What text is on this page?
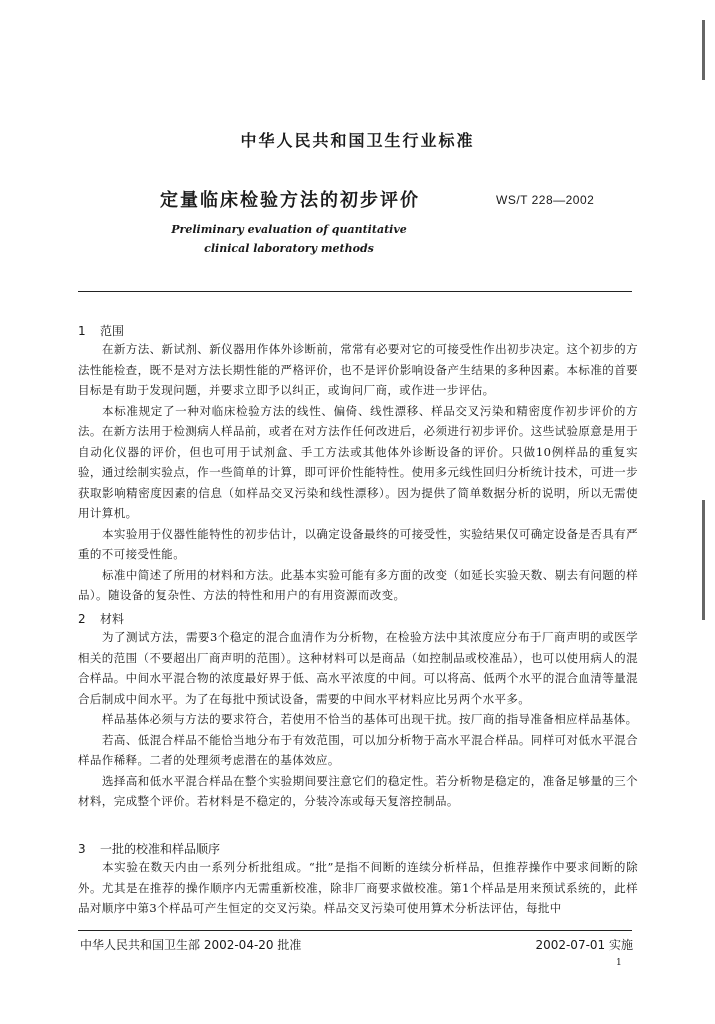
中华人民共和国卫生行业标准
定量临床检验方法的初步评价	WS/T 228—2002
Preliminary evaluation of quantitative
clinical laboratory methods

1 范围

在新方法、新试剂、新仪器用作体外诊断前，常常有必要对它的可接受性作出初步决定。这个初步的方法性能检查，既不是对方法长期性能的严格评价，也不是评价影响设备产生结果的多种因素。本标准的首要目标是有助于发现问题，并要求立即予以纠正，或询问厂商，或作进一步评估。

本标准规定了一种对临床检验方法的线性、偏倚、线性漂移、样品交叉污染和精密度作初步评价的方法。在新方法用于检测病人样品前，或者在对方法作任何改进后，必须进行初步评价。这些试验原意是用于自动化仪器的评价，但也可用于试剂盒、手工方法或其他体外诊断设备的评价。只做10例样品的重复实验，通过绘制实验点，作一些简单的计算，即可评价性能特性。使用多元线性回归分析统计技术，可进一步获取影响精密度因素的信息（如样品交叉污染和线性漂移）。因为提供了简单数据分析的说明，所以无需使用计算机。

本实验用于仪器性能特性的初步估计，以确定设备最终的可接受性，实验结果仅可确定设备是否具有严重的不可接受性能。

标准中简述了所用的材料和方法。此基本实验可能有多方面的改变（如延长实验天数、剔去有问题的样品）。随设备的复杂性、方法的特性和用户的有用资源而改变。

2 材料

为了测试方法，需要3个稳定的混合血清作为分析物，在检验方法中其浓度应分布于厂商声明的或医学相关的范围（不要超出厂商声明的范围）。这种材料可以是商品（如控制品或校准品），也可以使用病人的混合样品。中间水平混合物的浓度最好界于低、高水平浓度的中间。可以将高、低两个水平的混合血清等量混合后制成中间水平。为了在每批中预试设备，需要的中间水平材料应比另两个水平多。

样品基体必须与方法的要求符合，若使用不恰当的基体可出现干扰。按厂商的指导准备相应样品基体。

若高、低混合样品不能恰当地分布于有效范围，可以加分析物于高水平混合样品。同样可对低水平混合样品作稀释。二者的处理须考虑潜在的基体效应。

选择高和低水平混合样品在整个实验期间要注意它们的稳定性。若分析物是稳定的，准备足够量的三个材料，完成整个评价。若材料是不稳定的，分装冷冻或每天复溶控制品。

3 一批的校准和样品顺序

本实验在数天内由一系列分析批组成。“批”是指不间断的连续分析样品，但推荐操作中要求间断的除外。尤其是在推荐的操作顺序内无需重新校准，除非厂商要求做校准。第1个样品是用来预试系统的，此样品对顺序中第3个样品可产生恒定的交叉污染。样品交叉污染可使用算术分析法评估，每批中

中华人民共和国卫生部 2002-04-20 批准	2002-07-01 实施
1
